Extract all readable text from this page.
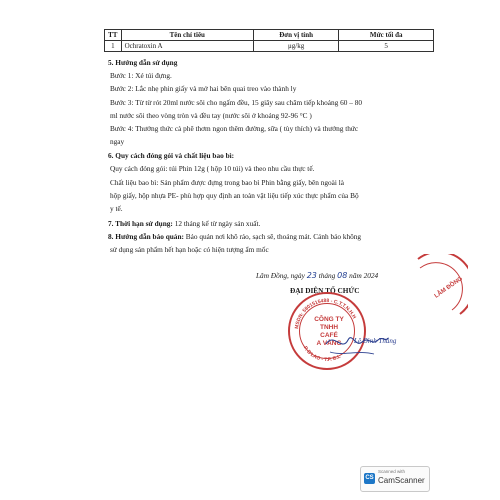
TT	Tên chỉ tiêu	Đơn vị tính	Mức tối đa
1	Ochratoxin A	μg/kg	5
5. Hướng dẫn sử dụng
Bước 1: Xé túi đựng.
Bước 2: Lắc nhẹ phin giấy và mở hai bên quai treo vào thành ly
Bước 3: Từ từ rót 20ml nước sôi cho ngấm đều, 15 giây sau châm tiếp khoảng 60 – 80
ml nước sôi theo vòng tròn và đều tay (nước sôi ở khoảng 92-96 °C )
Bước 4: Thưởng thức cà phê thơm ngon thêm đường, sữa ( tùy thích) và thưởng thức
ngay
6. Quy cách đóng gói và chất liệu bao bì:
Quy cách đóng gói: túi Phin 12g ( hộp 10 túi) và theo nhu cầu thực tế.
Chất liệu bao bì: Sản phẩm được đựng trong bao bì Phin bằng giấy, bên ngoài là
hộp giấy, hộp nhựa PE- phù hợp quy định an toàn vật liệu tiếp xúc thực phẩm của Bộ
y tế.
7. Thời hạn sử dụng: 12 tháng kể từ ngày sản xuất.
8. Hướng dẫn bảo quản: Bảo quản nơi khô ráo, sạch sẽ, thoáng mát. Cảnh báo không
sử dụng sản phẩm hết hạn hoặc có hiện tượng ẩm mốc
Lâm Đồng, ngày 23 tháng 08 năm 2024
ĐẠI DIỆN TỔ CHỨC
MSDN: 5801515488 - C.T.T.N.H.H
P. B'LAO - T.P. B.L
CÔNG TY
TNHH
CAFÉ
A VÀNG
LÂM ĐỒNG
Lê Đình Thắng
CS
Scanned with
CamScanner
